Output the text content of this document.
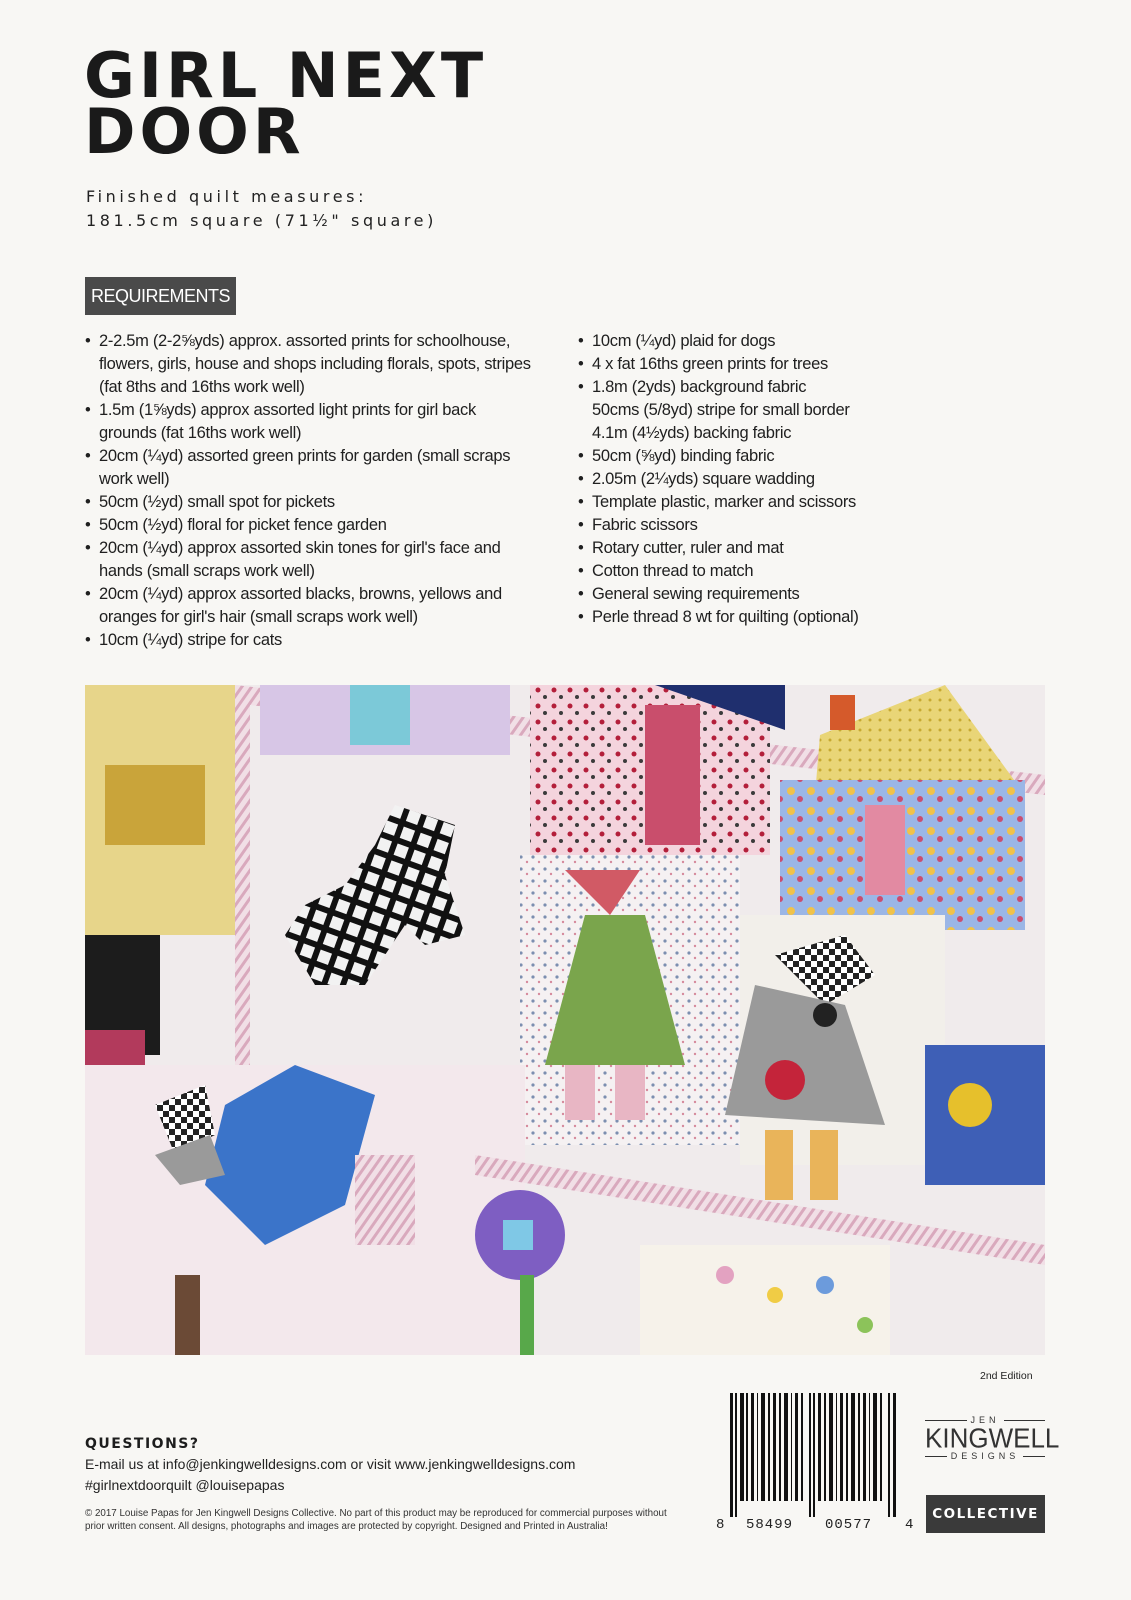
GIRL NEXT
DOOR
Finished quilt measures:
181.5cm square (71½" square)
REQUIREMENTS
• 2-2.5m (2-2⅝yds) approx. assorted prints for schoolhouse,
flowers, girls, house and shops including florals, spots, stripes
(fat 8ths and 16ths work well)
• 1.5m (1⅝yds) approx assorted light prints for girl back
grounds (fat 16ths work well)
• 20cm (¼yd) assorted green prints for garden (small scraps
work well)
• 50cm (½yd) small spot for pickets
• 50cm (½yd) floral for picket fence garden
• 20cm (¼yd) approx assorted skin tones for girl's face and
hands (small scraps work well)
• 20cm (¼yd) approx assorted blacks, browns, yellows and
oranges for girl's hair (small scraps work well)
• 10cm (¼yd) stripe for cats
• 10cm (¼yd) plaid for dogs
• 4 x fat 16ths green prints for trees
• 1.8m (2yds) background fabric
50cms (5/8yd) stripe for small border
4.1m (4½yds) backing fabric
• 50cm (⅝yd) binding fabric
• 2.05m (2¼yds) square wadding
• Template plastic, marker and scissors
• Fabric scissors
• Rotary cutter, ruler and mat
• Cotton thread to match
• General sewing requirements
• Perle thread 8 wt for quilting (optional)
2nd Edition
QUESTIONS?
E-mail us at info@jenkingwelldesigns.com or visit www.jenkingwelldesigns.com
#girlnextdoorquilt @louisepapas
© 2017 Louise Papas for Jen Kingwell Designs Collective. No part of this product may be reproduced for commercial purposes without prior written consent. All designs, photographs and images are protected by copyright. Designed and Printed in Australia!	8 58499 00577 4
JEN
KINGWELL
DESIGNS
COLLECTIVE
